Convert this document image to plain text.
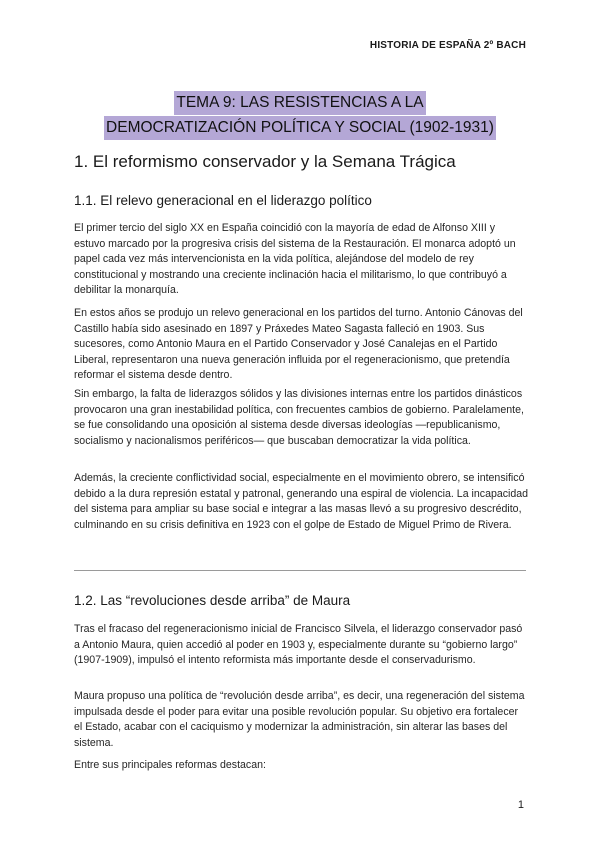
HISTORIA DE ESPAÑA 2º BACH
TEMA 9: LAS RESISTENCIAS A LA
DEMOCRATIZACIÓN POLÍTICA Y SOCIAL (1902-1931)
1. El reformismo conservador y la Semana Trágica
1.1. El relevo generacional en el liderazgo político
El primer tercio del siglo XX en España coincidió con la mayoría de edad de Alfonso XIII y estuvo marcado por la progresiva crisis del sistema de la Restauración. El monarca adoptó un papel cada vez más intervencionista en la vida política, alejándose del modelo de rey constitucional y mostrando una creciente inclinación hacia el militarismo, lo que contribuyó a debilitar la monarquía.
En estos años se produjo un relevo generacional en los partidos del turno. Antonio Cánovas del Castillo había sido asesinado en 1897 y Práxedes Mateo Sagasta falleció en 1903. Sus sucesores, como Antonio Maura en el Partido Conservador y José Canalejas en el Partido Liberal, representaron una nueva generación influida por el regeneracionismo, que pretendía reformar el sistema desde dentro.
Sin embargo, la falta de liderazgos sólidos y las divisiones internas entre los partidos dinásticos provocaron una gran inestabilidad política, con frecuentes cambios de gobierno. Paralelamente, se fue consolidando una oposición al sistema desde diversas ideologías —republicanismo, socialismo y nacionalismos periféricos— que buscaban democratizar la vida política.
Además, la creciente conflictividad social, especialmente en el movimiento obrero, se intensificó debido a la dura represión estatal y patronal, generando una espiral de violencia. La incapacidad del sistema para ampliar su base social e integrar a las masas llevó a su progresivo descrédito, culminando en su crisis definitiva en 1923 con el golpe de Estado de Miguel Primo de Rivera.
1.2. Las “revoluciones desde arriba” de Maura
Tras el fracaso del regeneracionismo inicial de Francisco Silvela, el liderazgo conservador pasó a Antonio Maura, quien accedió al poder en 1903 y, especialmente durante su “gobierno largo” (1907-1909), impulsó el intento reformista más importante desde el conservadurismo.
Maura propuso una política de “revolución desde arriba”, es decir, una regeneración del sistema impulsada desde el poder para evitar una posible revolución popular. Su objetivo era fortalecer el Estado, acabar con el caciquismo y modernizar la administración, sin alterar las bases del sistema.
Entre sus principales reformas destacan:
1
